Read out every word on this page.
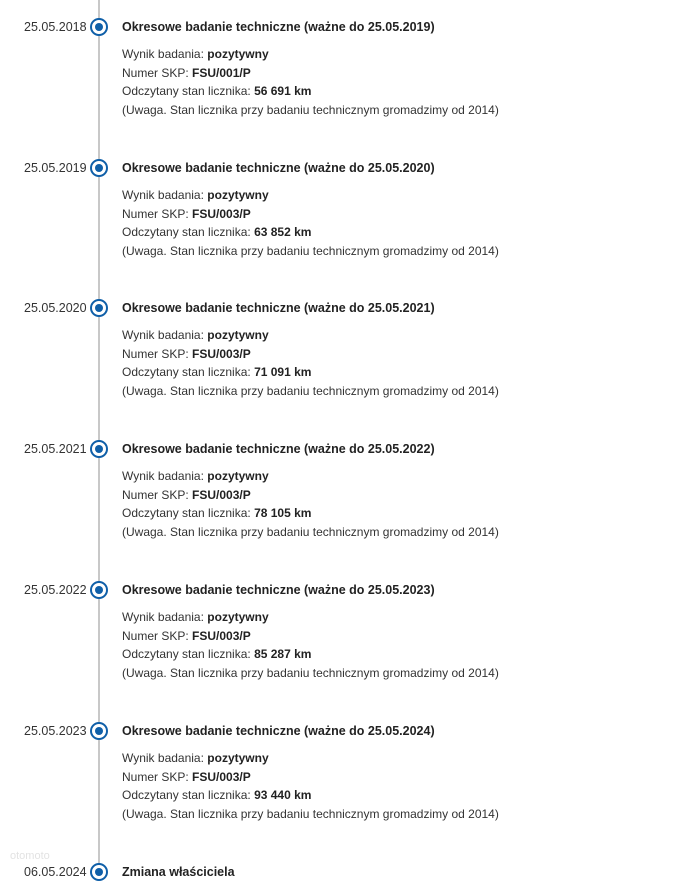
25.05.2018	Okresowe badanie techniczne (ważne do 25.05.2019)
Wynik badania: pozytywny
Numer SKP: FSU/001/P
Odczytany stan licznika: 56 691 km
(Uwaga. Stan licznika przy badaniu technicznym gromadzimy od 2014)
25.05.2019	Okresowe badanie techniczne (ważne do 25.05.2020)
Wynik badania: pozytywny
Numer SKP: FSU/003/P
Odczytany stan licznika: 63 852 km
(Uwaga. Stan licznika przy badaniu technicznym gromadzimy od 2014)
25.05.2020	Okresowe badanie techniczne (ważne do 25.05.2021)
Wynik badania: pozytywny
Numer SKP: FSU/003/P
Odczytany stan licznika: 71 091 km
(Uwaga. Stan licznika przy badaniu technicznym gromadzimy od 2014)
25.05.2021	Okresowe badanie techniczne (ważne do 25.05.2022)
Wynik badania: pozytywny
Numer SKP: FSU/003/P
Odczytany stan licznika: 78 105 km
(Uwaga. Stan licznika przy badaniu technicznym gromadzimy od 2014)
25.05.2022	Okresowe badanie techniczne (ważne do 25.05.2023)
Wynik badania: pozytywny
Numer SKP: FSU/003/P
Odczytany stan licznika: 85 287 km
(Uwaga. Stan licznika przy badaniu technicznym gromadzimy od 2014)
25.05.2023	Okresowe badanie techniczne (ważne do 25.05.2024)
Wynik badania: pozytywny
Numer SKP: FSU/003/P
Odczytany stan licznika: 93 440 km
(Uwaga. Stan licznika przy badaniu technicznym gromadzimy od 2014)
06.05.2024	Zmiana właściciela
otomoto
